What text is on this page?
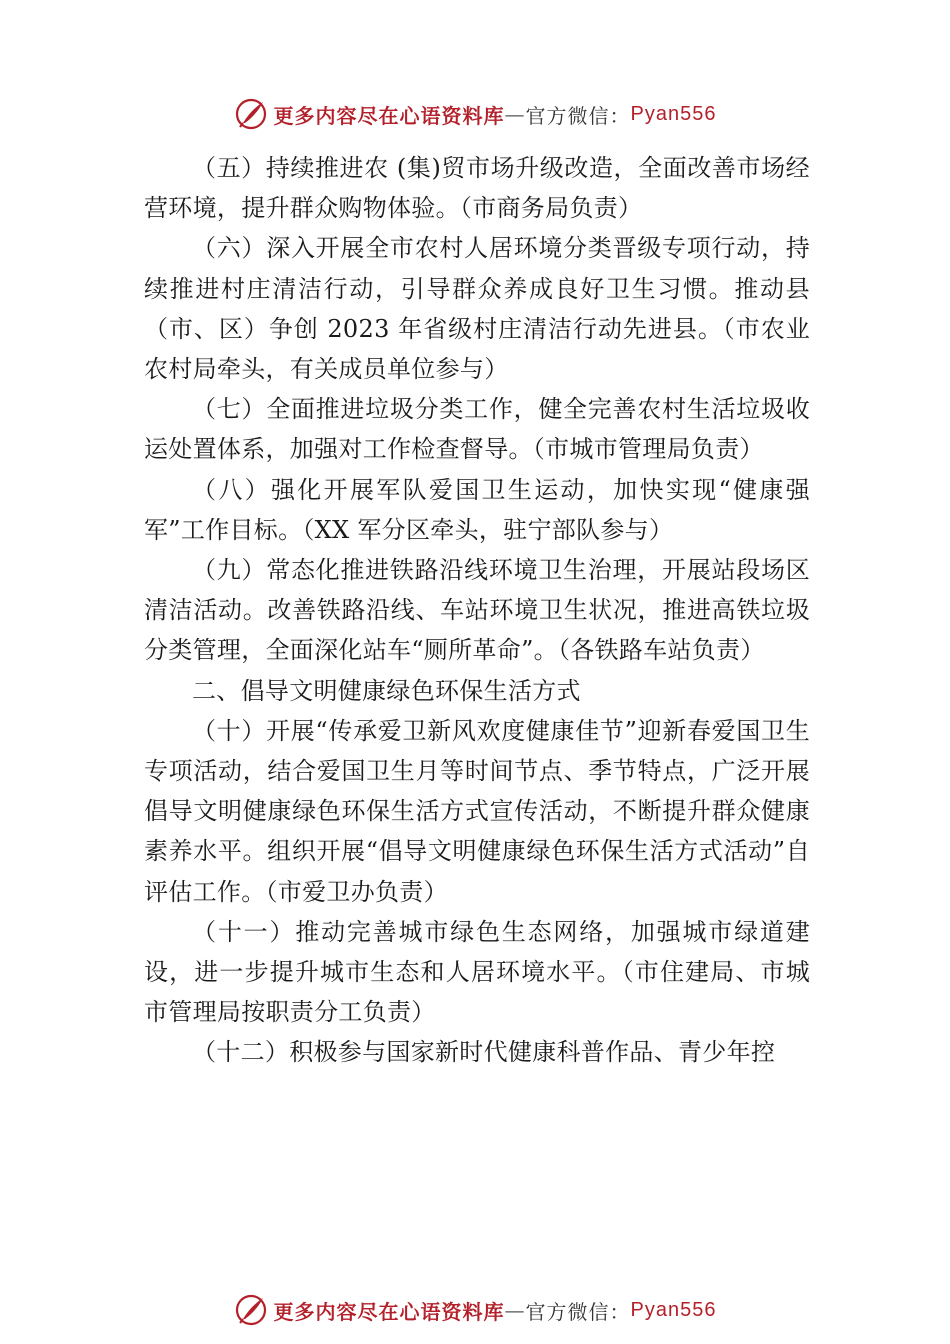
更多内容尽在心语资料库 — 官方微信： Pyan556

（五）持续推进农 (集)贸市场升级改造，全面改善市场经营环境，提升群众购物体验。（市商务局负责）

（六）深入开展全市农村人居环境分类晋级专项行动，持续推进村庄清洁行动，引导群众养成良好卫生习惯。推动县（市、区）争创 2023 年省级村庄清洁行动先进县。（市农业农村局牵头，有关成员单位参与）

（七）全面推进垃圾分类工作，健全完善农村生活垃圾收运处置体系，加强对工作检查督导。（市城市管理局负责）

（八）强化开展军队爱国卫生运动，加快实现“健康强军”工作目标。（XX 军分区牵头，驻宁部队参与）

（九）常态化推进铁路沿线环境卫生治理，开展站段场区清洁活动。改善铁路沿线、车站环境卫生状况，推进高铁垃圾分类管理，全面深化站车“厕所革命”。（各铁路车站负责）

二、倡导文明健康绿色环保生活方式

（十）开展“传承爱卫新风欢度健康佳节”迎新春爱国卫生专项活动，结合爱国卫生月等时间节点、季节特点，广泛开展倡导文明健康绿色环保生活方式宣传活动，不断提升群众健康素养水平。组织开展“倡导文明健康绿色环保生活方式活动”自评估工作。（市爱卫办负责）

（十一）推动完善城市绿色生态网络，加强城市绿道建设，进一步提升城市生态和人居环境水平。（市住建局、市城市管理局按职责分工负责）

（十二）积极参与国家新时代健康科普作品、青少年控

更多内容尽在心语资料库 — 官方微信： Pyan556
